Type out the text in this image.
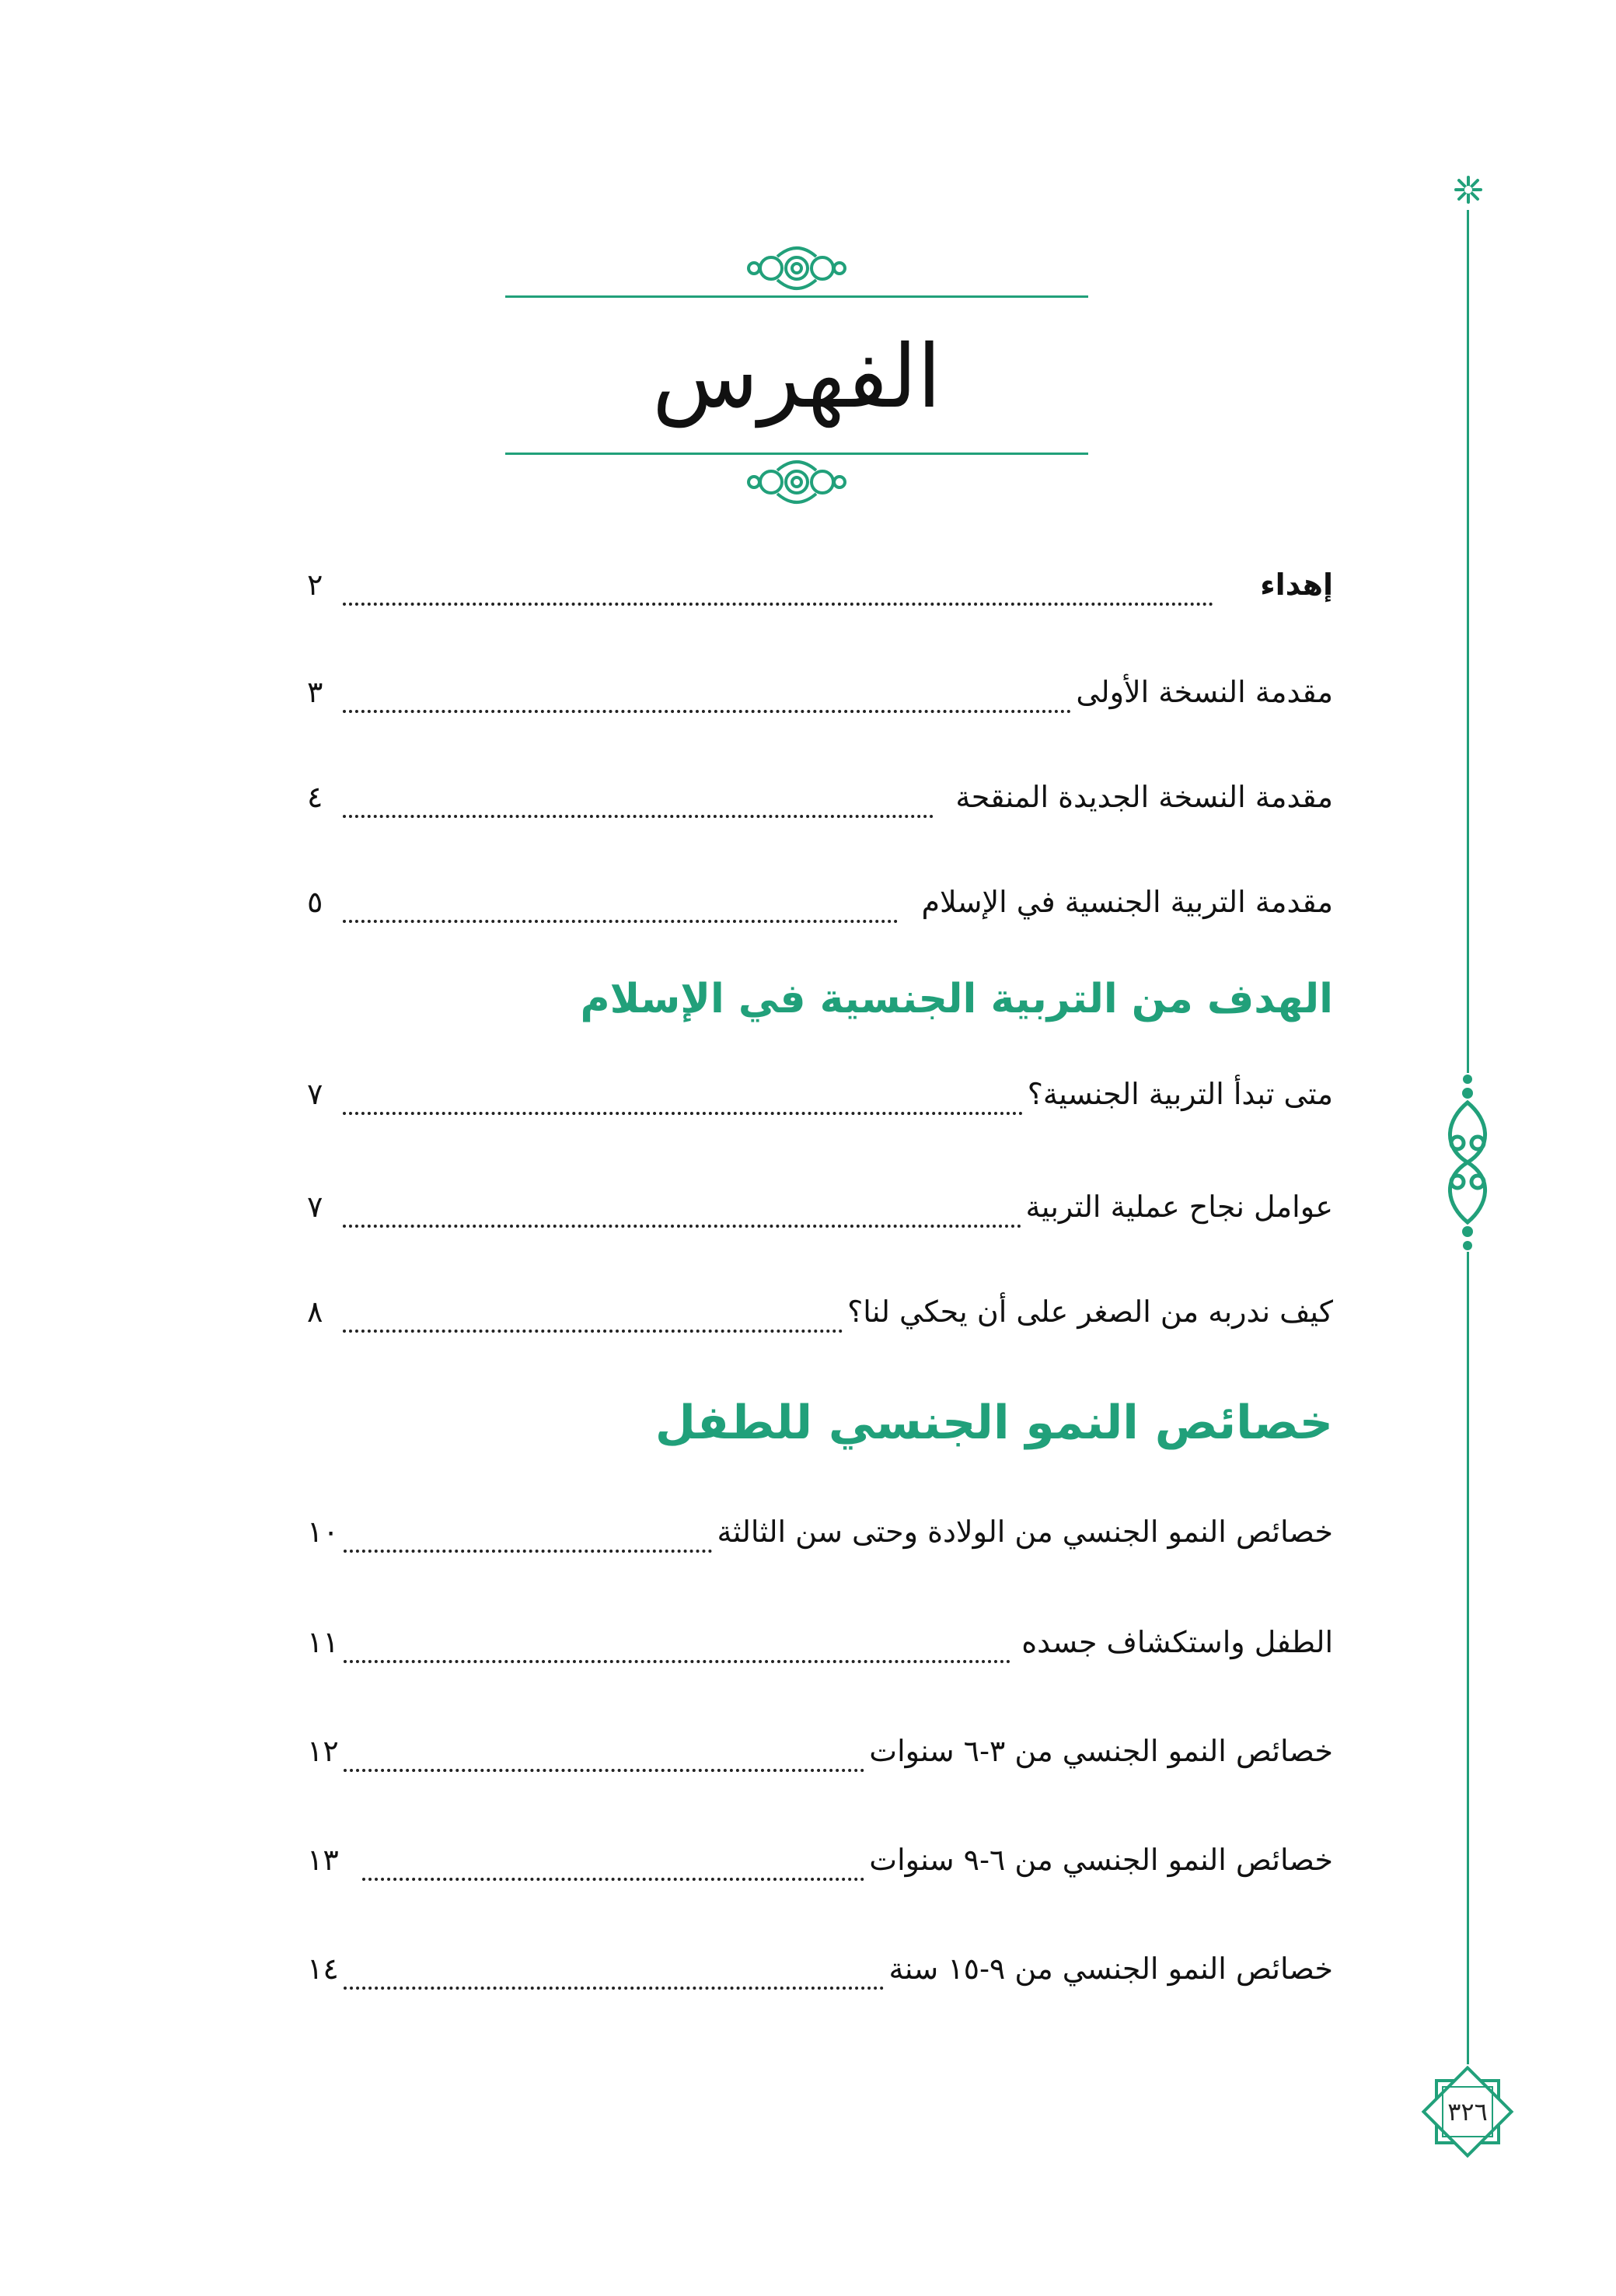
الفهرس
٣٢٦
إهداء
٢
مقدمة النسخة الأولى
٣
مقدمة النسخة الجديدة المنقحة
٤
مقدمة التربية الجنسية في الإسلام
٥
الهدف من التربية الجنسية في الإسلام
متى تبدأ التربية الجنسية؟
٧
عوامل نجاح عملية التربية
٧
كيف ندربه من الصغر على أن يحكي لنا؟
٨
خصائص النمو الجنسي للطفل
خصائص النمو الجنسي من الولادة وحتى سن الثالثة
١٠
الطفل واستكشاف جسده
١١
خصائص النمو الجنسي من ٣-٦ سنوات
١٢
خصائص النمو الجنسي من ٦-٩ سنوات
١٣
خصائص النمو الجنسي من ٩-١٥ سنة
١٤
